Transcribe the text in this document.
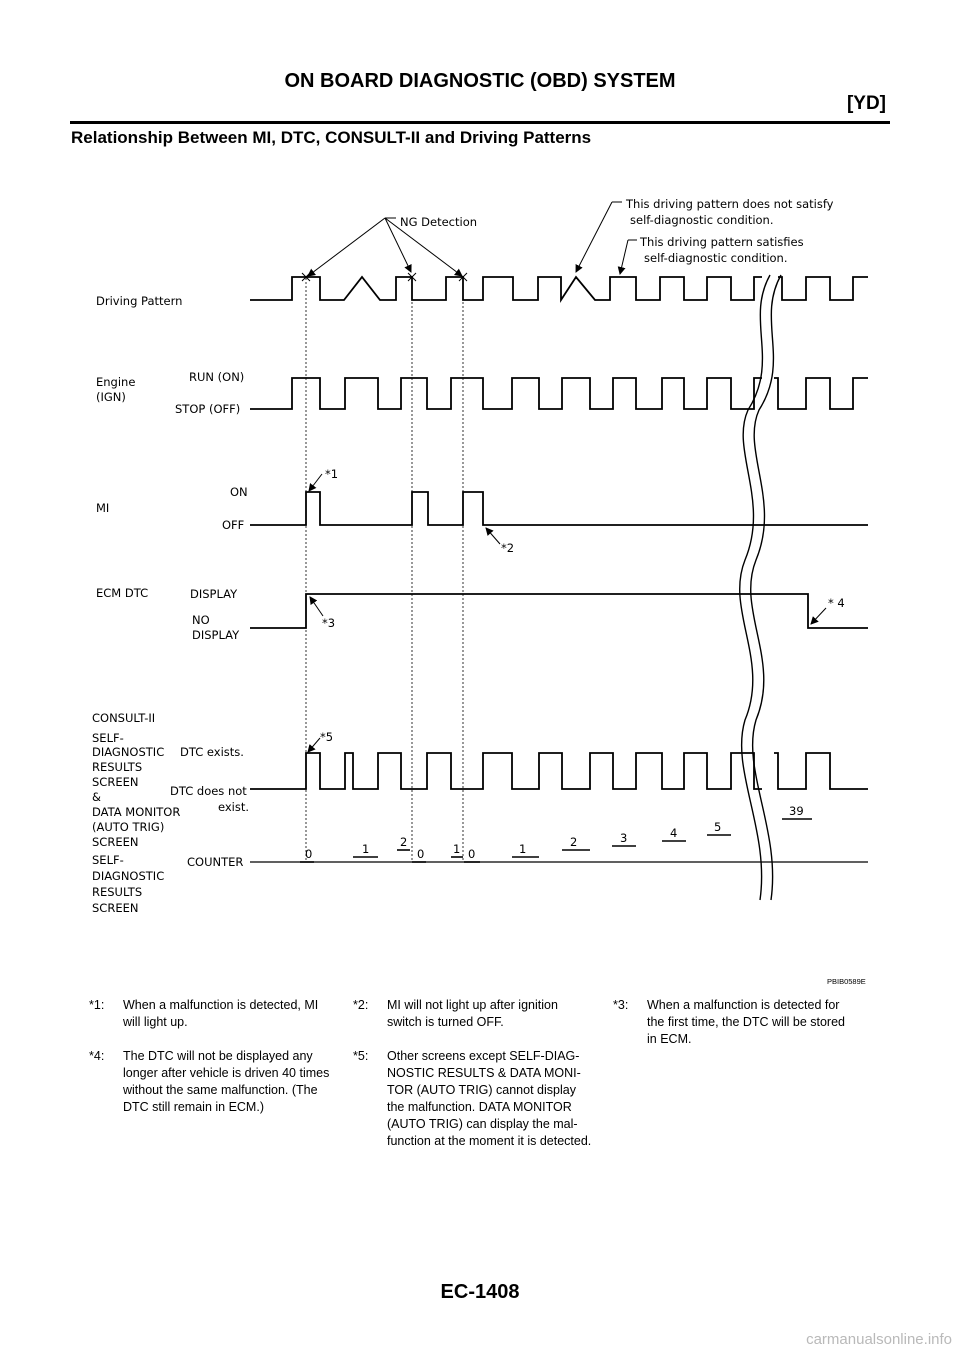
ON BOARD DIAGNOSTIC (OBD) SYSTEM
[YD]
Relationship Between MI, DTC, CONSULT-II and Driving Patterns
NG Detection
This driving pattern does not satisfy
self-diagnostic condition.
This driving pattern satisfies
self-diagnostic condition.
Driving Pattern
Engine
(IGN)
RUN (ON)
STOP (OFF)
MI
ON
OFF
*1
*2
ECM DTC	DISPLAY
NO
DISPLAY
*3
* 4
CONSULT-II
SELF-
DIAGNOSTIC
RESULTS
SCREEN
&
DATA MONITOR
(AUTO TRIG)
SCREEN
DTC exists.
DTC does not
exist.
*5
SELF-
DIAGNOSTIC
RESULTS
SCREEN
COUNTER
0	1	2
0 1 0	1	2	3	4	5
39
PBIB0589E
*1: When a malfunction is detected, MI
will light up.
*2: MI will not light up after ignition
switch is turned OFF.
*3: When a malfunction is detected for
the first time, the DTC will be stored
in ECM.
*4: The DTC will not be displayed any
longer after vehicle is driven 40 times
without the same malfunction. (The
DTC still remain in ECM.)
*5: Other screens except SELF-DIAG-
NOSTIC RESULTS & DATA MONI-
TOR (AUTO TRIG) cannot display
the malfunction. DATA MONITOR
(AUTO TRIG) can display the mal-
function at the moment it is detected.
EC-1408
carmanualsonline.info
